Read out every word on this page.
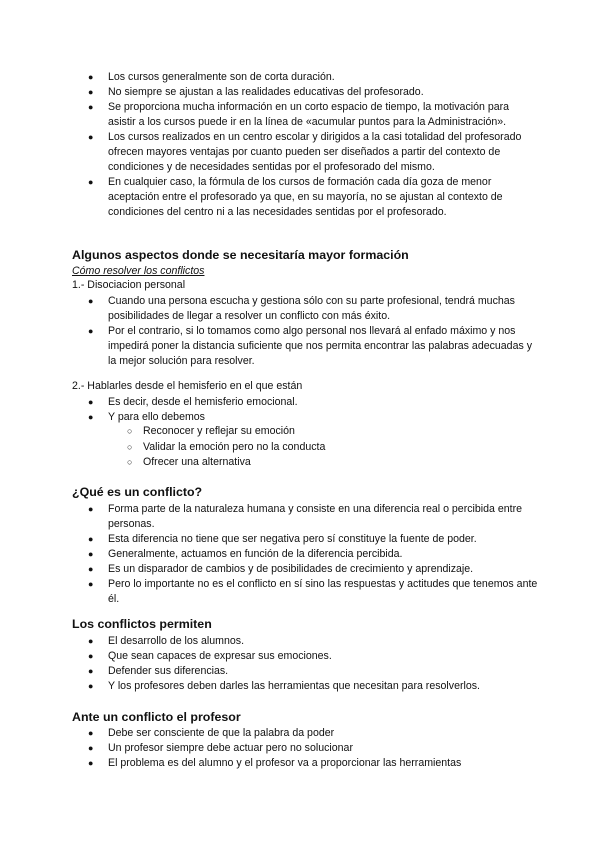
● Los cursos generalmente son de corta duración.
● No siempre se ajustan a las realidades educativas del profesorado.
● Se proporciona mucha información en un corto espacio de tiempo, la motivación para asistir a los cursos puede ir en la línea de «acumular puntos para la Administración».
● Los cursos realizados en un centro escolar y dirigidos a la casi totalidad del profesorado ofrecen mayores ventajas por cuanto pueden ser diseñados a partir del contexto de condiciones y de necesidades sentidas por el profesorado del mismo.
● En cualquier caso, la fórmula de los cursos de formación cada día goza de menor aceptación entre el profesorado ya que, en su mayoría, no se ajustan al contexto de condiciones del centro ni a las necesidades sentidas por el profesorado.
Algunos aspectos donde se necesitaría mayor formación
Cómo resolver los conflictos
1.- Disociacion personal
● Cuando una persona escucha y gestiona sólo con su parte profesional, tendrá muchas posibilidades de llegar a resolver un conflicto con más éxito.
● Por el contrario, si lo tomamos como algo personal nos llevará al enfado máximo y nos impedirá poner la distancia suficiente que nos permita encontrar las palabras adecuadas y la mejor solución para resolver.
2.- Hablarles desde el hemisferio en el que están
● Es decir, desde el hemisferio emocional.
● Y para ello debemos
○ Reconocer y reflejar su emoción
○ Validar la emoción pero no la conducta
○ Ofrecer una alternativa
¿Qué es un conflicto?
● Forma parte de la naturaleza humana y consiste en una diferencia real o percibida entre personas.
● Esta diferencia no tiene que ser negativa pero sí constituye la fuente de poder.
● Generalmente, actuamos en función de la diferencia percibida.
● Es un disparador de cambios y de posibilidades de crecimiento y aprendizaje.
● Pero lo importante no es el conflicto en sí sino las respuestas y actitudes que tenemos ante él.
Los conflictos permiten
● El desarrollo de los alumnos.
● Que sean capaces de expresar sus emociones.
● Defender sus diferencias.
● Y los profesores deben darles las herramientas que necesitan para resolverlos.
Ante un conflicto el profesor
● Debe ser consciente de que la palabra da poder
● Un profesor siempre debe actuar pero no solucionar
● El problema es del alumno y el profesor va a proporcionar las herramientas
